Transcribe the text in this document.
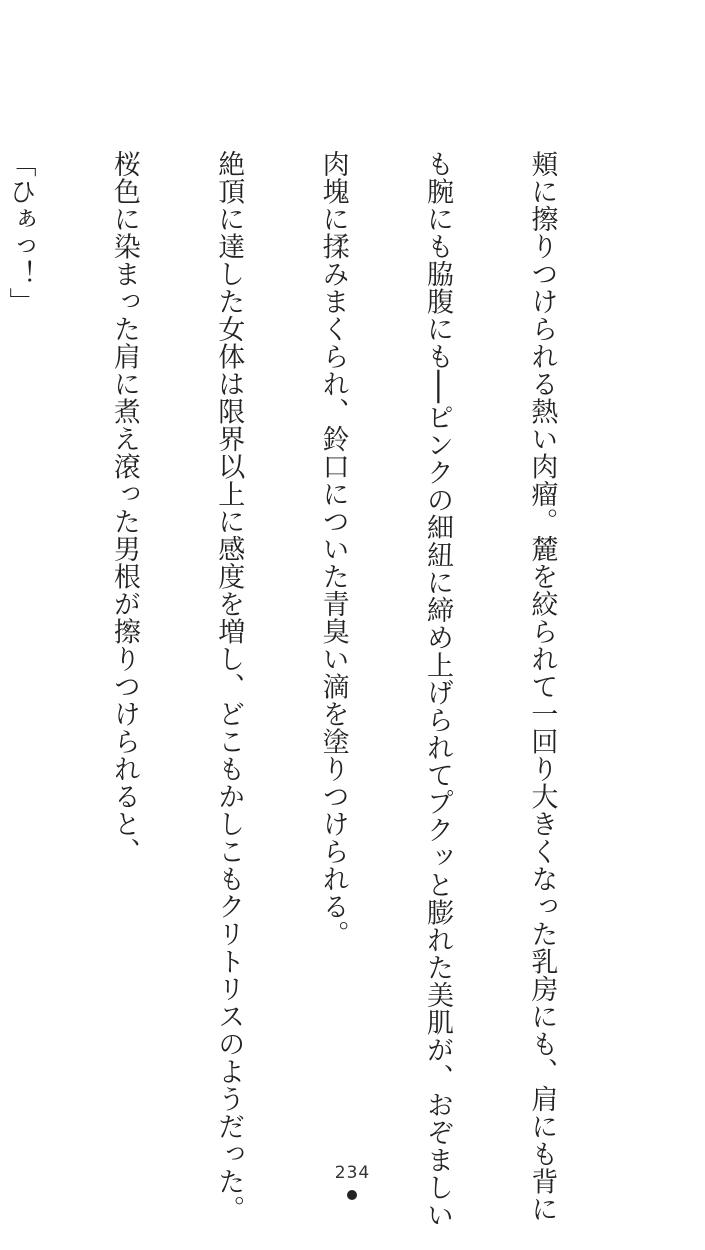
頬に擦りつけられる熱い肉瘤。麓を絞られて一回り大きくなった乳房にも、肩にも背に

も腕にも脇腹にも──ピンクの細紐に締め上げられてプクッと膨れた美肌が、おぞましい

肉塊に揉みまくられ、鈴口についた青臭い滴を塗りつけられる。

絶頂に達した女体は限界以上に感度を増し、どこもかしこもクリトリスのようだった。

桜色に染まった肩に煮え滾った男根が擦りつけられると、

「ひぁっ！」

234
